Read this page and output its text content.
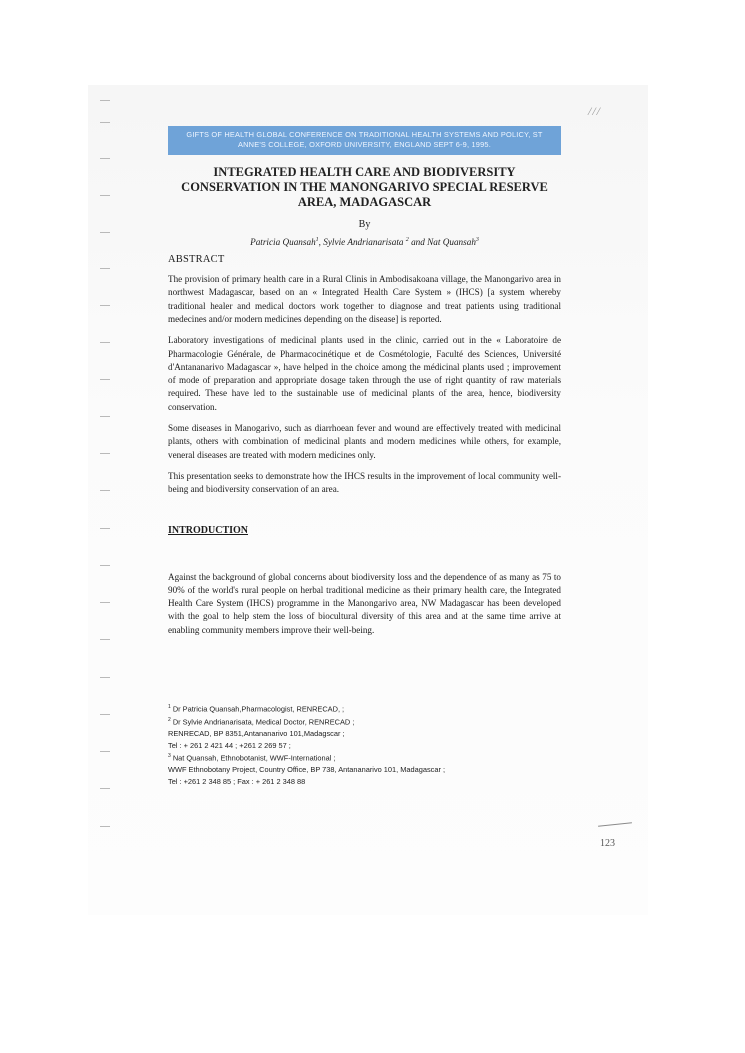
///
GIFTS OF HEALTH GLOBAL CONFERENCE ON TRADITIONAL HEALTH SYSTEMS AND POLICY, ST
ANNE'S COLLEGE, OXFORD UNIVERSITY, ENGLAND SEPT 6-9, 1995.
INTEGRATED HEALTH CARE AND BIODIVERSITY
CONSERVATION IN THE MANONGARIVO SPECIAL RESERVE
AREA, MADAGASCAR
By
Patricia Quansah$^1$, Sylvie Andrianarisata $^2$ and Nat Quansah$^3$
ABSTRACT

The provision of primary health care in a Rural Clinis in Ambodisakoana village, the Manongarivo area in northwest Madagascar, based on an « Integrated Health Care System » (IHCS) [a system whereby traditional healer and medical doctors work together to diagnose and treat patients using traditional medecines and/or modern medicines depending on the disease] is reported.

Laboratory investigations of medicinal plants used in the clinic, carried out in the « Laboratoire de Pharmacologie Générale, de Pharmacocinétique et de Cosmétologie, Faculté des Sciences, Université d'Antananarivo Madagascar », have helped in the choice among the médicinal plants used ; improvement of mode of preparation and appropriate dosage taken through the use of right quantity of raw materials required. These have led to the sustainable use of medicinal plants of the area, hence, biodiversity conservation.

Some diseases in Manogarivo, such as diarrhoean fever and wound are effectively treated with medicinal plants, others with combination of medicinal plants and modern medicines while others, for example, veneral diseases are treated with modern medicines only.

This presentation seeks to demonstrate how the IHCS results in the improvement of local community well-being and biodiversity conservation of an area.

INTRODUCTION

Against the background of global concerns about biodiversity loss and the dependence of as many as 75 to 90% of the world's rural people on herbal traditional medicine as their primary health care, the Integrated Health Care System (IHCS) programme in the Manongarivo area, NW Madagascar has been developed with the goal to help stem the loss of biocultural diversity of this area and at the same time arrive at enabling community members improve their well-being.

$^1$ Dr Patricia Quansah,Pharmacologist, RENRECAD, ;
$^2$ Dr Sylvie Andrianarisata, Medical Doctor, RENRECAD ;
RENRECAD, BP 8351,Antananarivo 101,Madagscar ;
Tel : + 261 2 421 44 ; +261 2 269 57 ;
$^3$ Nat Quansah, Ethnobotanist, WWF-International ;
WWF Ethnobotany Project, Country Office, BP 738, Antananarivo 101, Madagascar ;
Tel : +261 2 348 85 ; Fax : + 261 2 348 88
123
